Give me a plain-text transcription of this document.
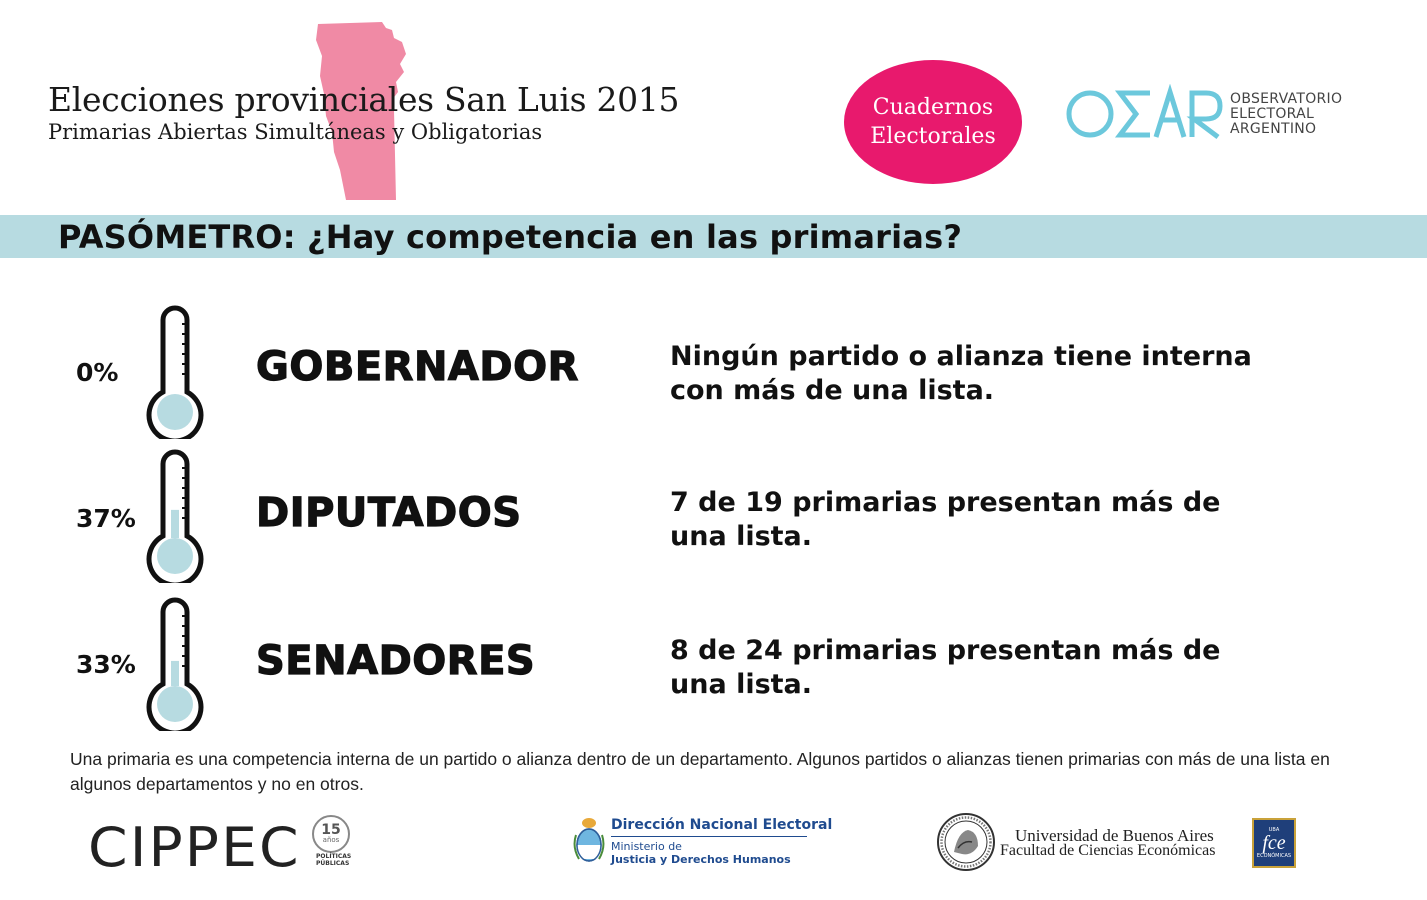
Elecciones provinciales San Luis 2015
Primarias Abiertas Simultáneas y Obligatorias
Cuadernos
Electorales
OBSERVATORIO
ELECTORAL
ARGENTINO
PASÓMETRO: ¿Hay competencia en las primarias?
0%	GOBERNADOR	Ningún partido o alianza tiene interna con más de una lista.
37%	DIPUTADOS	7 de 19 primarias presentan más de una lista.
33%	SENADORES	8 de 24 primarias presentan más de una lista.
Una primaria es una competencia interna de un partido o alianza dentro de un departamento. Algunos partidos o alianzas tienen primarias con más de una lista en algunos departamentos y no en otros.
CIPPEC 15
años
POLÍTICAS
PÚBLICAS
Dirección Nacional Electoral
Ministerio de
Justicia y Derechos Humanos
Universidad de Buenos Aires
Facultad de Ciencias Económicas
UBA
fce
ECONÓMICAS
